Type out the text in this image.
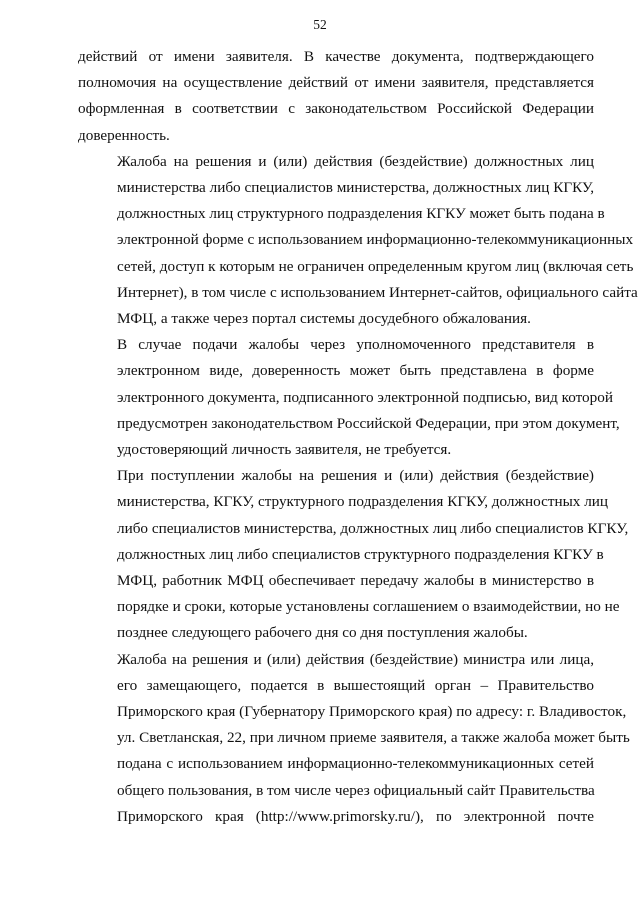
52
действий от имени заявителя. В качестве документа, подтверждающего
полномочия на осуществление действий от имени заявителя, представляется
оформленная в соответствии с законодательством Российской Федерации
доверенность.
Жалоба на решения и (или) действия (бездействие) должностных лиц
министерства либо специалистов министерства, должностных лиц КГКУ,
должностных лиц структурного подразделения КГКУ может быть подана в
электронной форме с использованием информационно-телекоммуникационных
сетей, доступ к которым не ограничен определенным кругом лиц (включая сеть
Интернет), в том числе с использованием Интернет-сайтов, официального сайта
МФЦ, а также через портал системы досудебного обжалования.
В случае подачи жалобы через уполномоченного представителя в
электронном виде, доверенность может быть представлена в форме
электронного документа, подписанного электронной подписью, вид которой
предусмотрен законодательством Российской Федерации, при этом документ,
удостоверяющий личность заявителя, не требуется.
При поступлении жалобы на решения и (или) действия (бездействие)
министерства, КГКУ, структурного подразделения КГКУ, должностных лиц
либо специалистов министерства, должностных лиц либо специалистов КГКУ,
должностных лиц либо специалистов структурного подразделения КГКУ в
МФЦ, работник МФЦ обеспечивает передачу жалобы в министерство в
порядке и сроки, которые установлены соглашением о взаимодействии, но не
позднее следующего рабочего дня со дня поступления жалобы.
Жалоба на решения и (или) действия (бездействие) министра или лица,
его замещающего, подается в вышестоящий орган – Правительство
Приморского края (Губернатору Приморского края) по адресу: г. Владивосток,
ул. Светланская, 22, при личном приеме заявителя, а также жалоба может быть
подана с использованием информационно-телекоммуникационных сетей
общего пользования, в том числе через официальный сайт Правительства
Приморского края (http://www.primorsky.ru/), по электронной почте
